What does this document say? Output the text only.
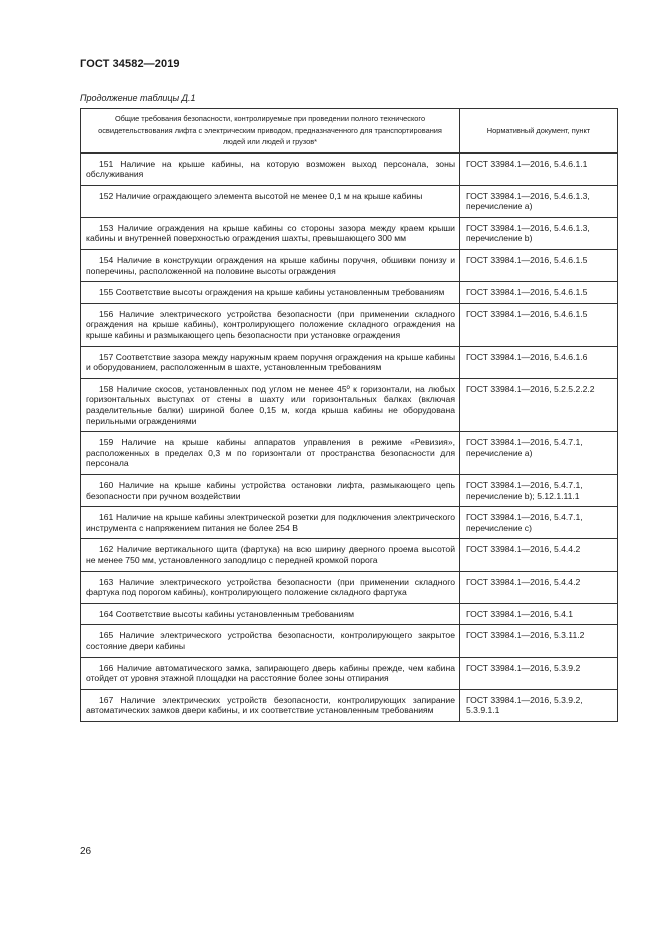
ГОСТ 34582—2019
Продолжение таблицы Д.1
Общие требования безопасности, контролируемые при проведении полного технического освидетельствования лифта с электрическим приводом, предназначенного для транспортирования людей или людей и грузов*	Нормативный документ, пункт
151 Наличие на крыше кабины, на которую возможен выход персонала, зоны обслуживания	ГОСТ 33984.1—2016, 5.4.6.1.1
152 Наличие ограждающего элемента высотой не менее 0,1 м на крыше кабины	ГОСТ 33984.1—2016, 5.4.6.1.3, перечисление a)
153 Наличие ограждения на крыше кабины со стороны зазора между краем крыши кабины и внутренней поверхностью ограждения шахты, превышающего 300 мм	ГОСТ 33984.1—2016, 5.4.6.1.3, перечисление b)
154 Наличие в конструкции ограждения на крыше кабины поручня, обшивки понизу и поперечины, расположенной на половине высоты ограждения	ГОСТ 33984.1—2016, 5.4.6.1.5
155 Соответствие высоты ограждения на крыше кабины установленным требованиям	ГОСТ 33984.1—2016, 5.4.6.1.5
156 Наличие электрического устройства безопасности (при применении складного ограждения на крыше кабины), контролирующего положение складного ограждения на крыше кабины и размыкающего цепь безопасности при установке ограждения	ГОСТ 33984.1—2016, 5.4.6.1.5
157 Соответствие зазора между наружным краем поручня ограждения на крыше кабины и оборудованием, расположенным в шахте, установленным требованиям	ГОСТ 33984.1—2016, 5.4.6.1.6
158 Наличие скосов, установленных под углом не менее 45º к горизонтали, на любых горизонтальных выступах от стены в шахту или горизонтальных балках (включая разделительные балки) шириной более 0,15 м, когда крыша кабины не оборудована перильными ограждениями	ГОСТ 33984.1—2016, 5.2.5.2.2.2
159 Наличие на крыше кабины аппаратов управления в режиме «Ревизия», расположенных в пределах 0,3 м по горизонтали от пространства безопасности для персонала	ГОСТ 33984.1—2016, 5.4.7.1, перечисление a)
160 Наличие на крыше кабины устройства остановки лифта, размыкающего цепь безопасности при ручном воздействии	ГОСТ 33984.1—2016, 5.4.7.1, перечисление b); 5.12.1.11.1
161 Наличие на крыше кабины электрической розетки для подключения электрического инструмента с напряжением питания не более 254 В	ГОСТ 33984.1—2016, 5.4.7.1, перечисление c)
162 Наличие вертикального щита (фартука) на всю ширину дверного проема высотой не менее 750 мм, установленного заподлицо с передней кромкой порога	ГОСТ 33984.1—2016, 5.4.4.2
163 Наличие электрического устройства безопасности (при применении складного фартука под порогом кабины), контролирующего положение складного фартука	ГОСТ 33984.1—2016, 5.4.4.2
164 Соответствие высоты кабины установленным требованиям	ГОСТ 33984.1—2016, 5.4.1
165 Наличие электрического устройства безопасности, контролирующего закрытое состояние двери кабины	ГОСТ 33984.1—2016, 5.3.11.2
166 Наличие автоматического замка, запирающего дверь кабины прежде, чем кабина отойдет от уровня этажной площадки на расстояние более зоны отпирания	ГОСТ 33984.1—2016, 5.3.9.2
167 Наличие электрических устройств безопасности, контролирующих запирание автоматических замков двери кабины, и их соответствие установленным требованиям	ГОСТ 33984.1—2016, 5.3.9.2, 5.3.9.1.1
26
